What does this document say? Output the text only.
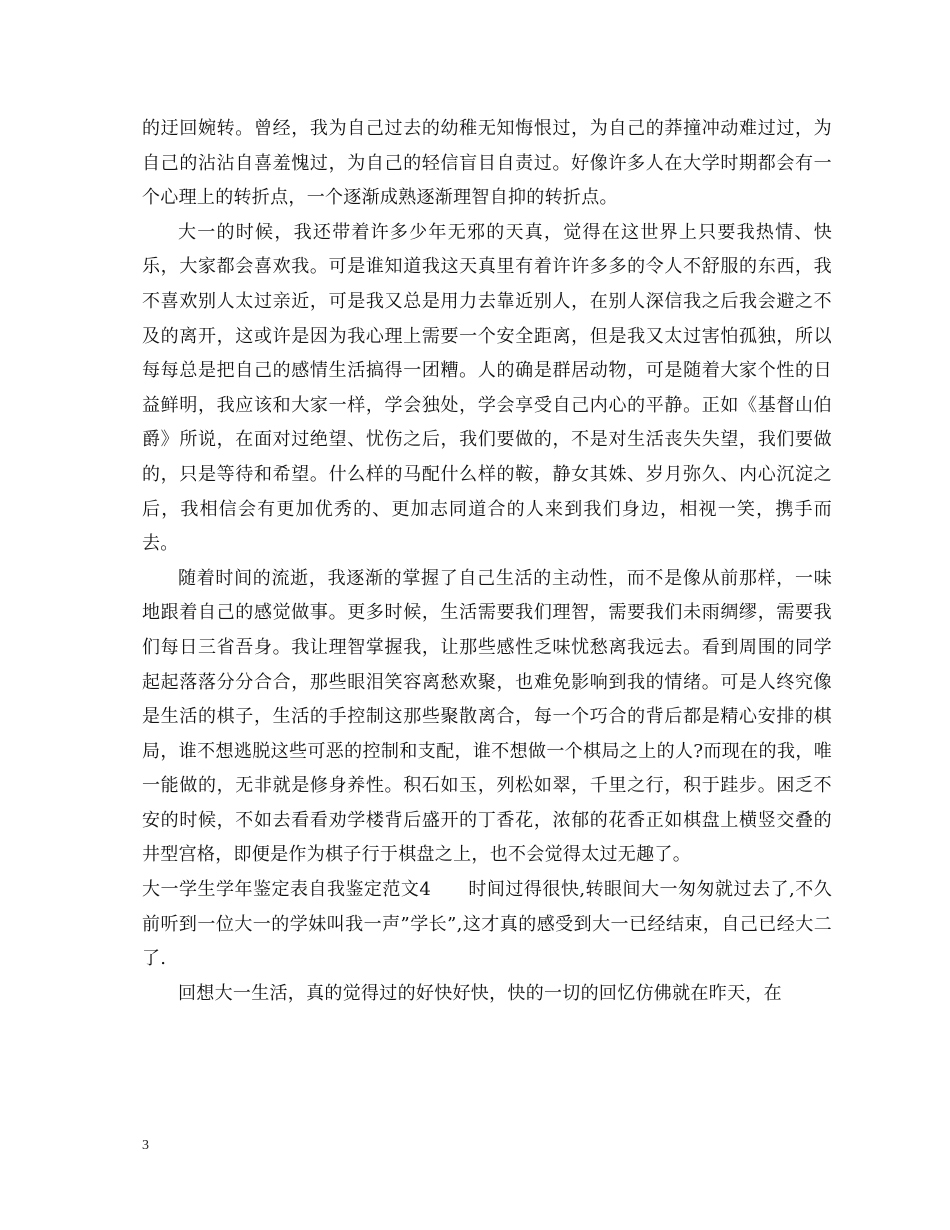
的迂回婉转。曾经，我为自己过去的幼稚无知悔恨过，为自己的莽撞冲动难过过，为自己的沾沾自喜羞愧过，为自己的轻信盲目自责过。好像许多人在大学时期都会有一个心理上的转折点，一个逐渐成熟逐渐理智自抑的转折点。

大一的时候，我还带着许多少年无邪的天真，觉得在这世界上只要我热情、快乐，大家都会喜欢我。可是谁知道我这天真里有着许许多多的令人不舒服的东西，我不喜欢别人太过亲近，可是我又总是用力去靠近别人，在别人深信我之后我会避之不及的离开，这或许是因为我心理上需要一个安全距离，但是我又太过害怕孤独，所以每每总是把自己的感情生活搞得一团糟。人的确是群居动物，可是随着大家个性的日益鲜明，我应该和大家一样，学会独处，学会享受自己内心的平静。正如《基督山伯爵》所说，在面对过绝望、忧伤之后，我们要做的，不是对生活丧失失望，我们要做的，只是等待和希望。什么样的马配什么样的鞍，静女其姝、岁月弥久、内心沉淀之后，我相信会有更加优秀的、更加志同道合的人来到我们身边，相视一笑，携手而去。

随着时间的流逝，我逐渐的掌握了自己生活的主动性，而不是像从前那样，一味地跟着自己的感觉做事。更多时候，生活需要我们理智，需要我们未雨绸缪，需要我们每日三省吾身。我让理智掌握我，让那些感性乏味忧愁离我远去。看到周围的同学起起落落分分合合，那些眼泪笑容离愁欢聚，也难免影响到我的情绪。可是人终究像是生活的棋子，生活的手控制这那些聚散离合，每一个巧合的背后都是精心安排的棋局，谁不想逃脱这些可恶的控制和支配，谁不想做一个棋局之上的人?而现在的我，唯一能做的，无非就是修身养性。积石如玉，列松如翠，千里之行，积于跬步。困乏不安的时候，不如去看看劝学楼背后盛开的丁香花，浓郁的花香正如棋盘上横竖交叠的井型宫格，即便是作为棋子行于棋盘之上，也不会觉得太过无趣了。

大一学生学年鉴定表自我鉴定范文4　　时间过得很快,转眼间大一匆匆就过去了,不久前听到一位大一的学妹叫我一声”学长”,这才真的感受到大一已经结束，自己已经大二了.

回想大一生活，真的觉得过的好快好快，快的一切的回忆仿佛就在昨天，在

3
